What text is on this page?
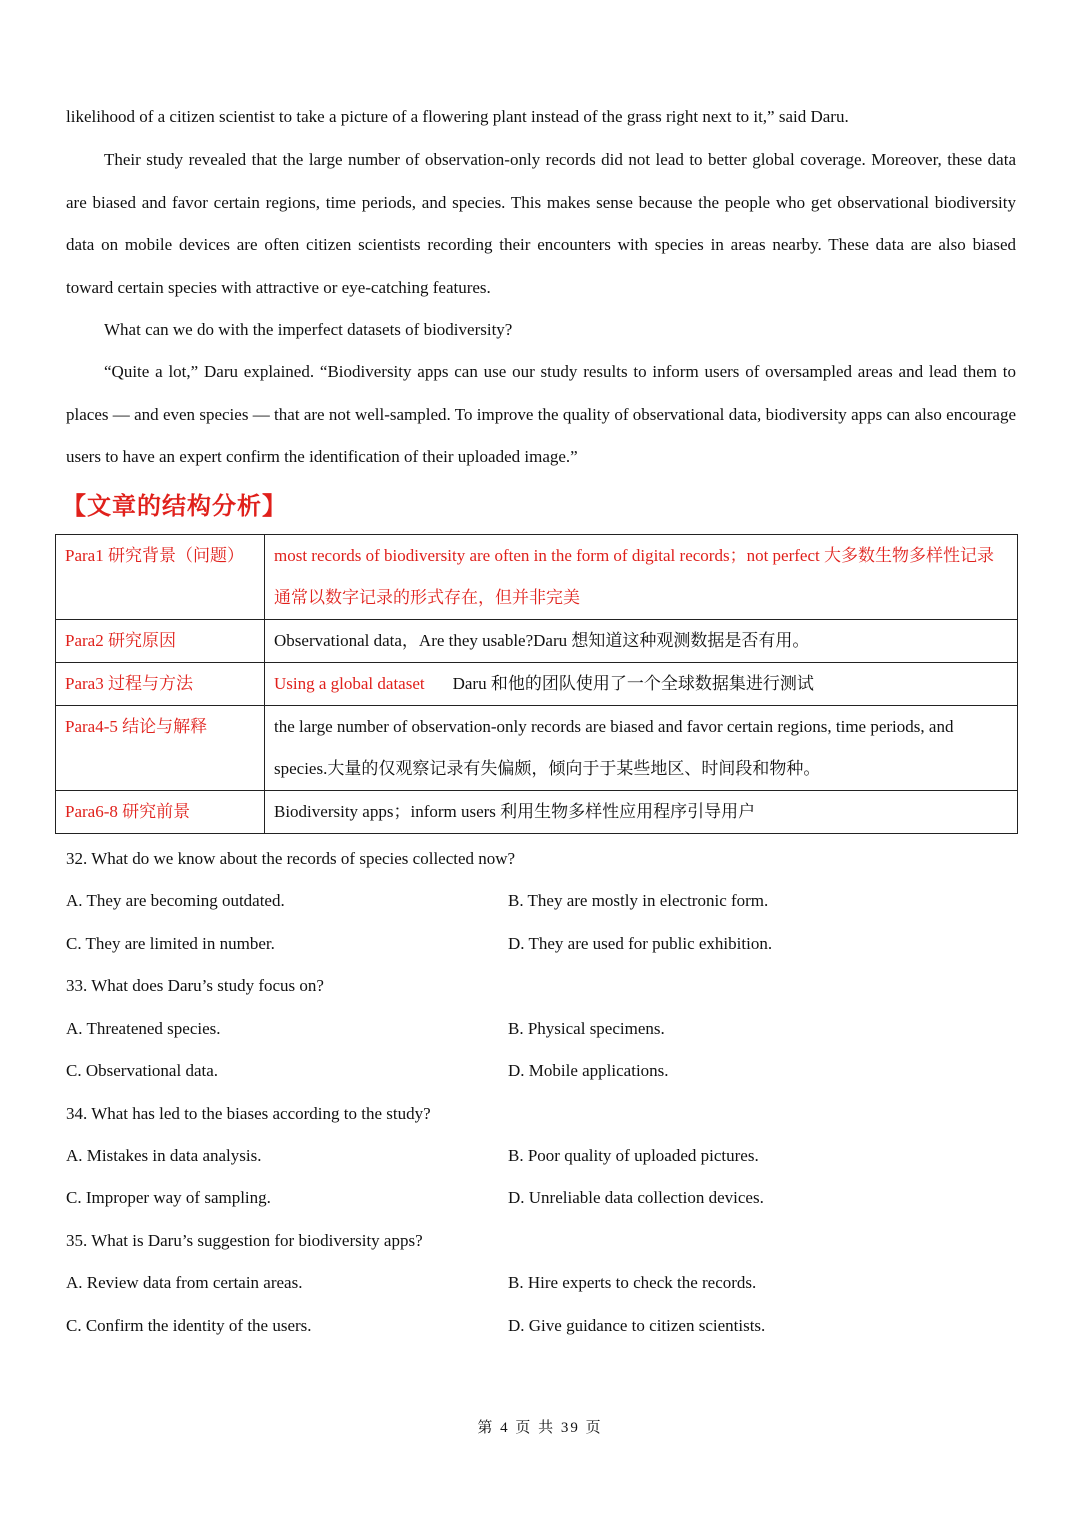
likelihood of a citizen scientist to take a picture of a flowering plant instead of the grass right next to it,” said Daru.

Their study revealed that the large number of observation-only records did not lead to better global coverage. Moreover, these data are biased and favor certain regions, time periods, and species. This makes sense because the people who get observational biodiversity data on mobile devices are often citizen scientists recording their encounters with species in areas nearby. These data are also biased toward certain species with attractive or eye-catching features.

What can we do with the imperfect datasets of biodiversity?

“Quite a lot,” Daru explained. “Biodiversity apps can use our study results to inform users of oversampled areas and lead them to places — and even species — that are not well-sampled. To improve the quality of observational data, biodiversity apps can also encourage users to have an expert confirm the identification of their uploaded image.”

【文章的结构分析】
Para1 研究背景（问题）	most records of biodiversity are often in the form of digital records；not perfect 大多数生物多样性记录通常以数字记录的形式存在，但并非完美
Para2 研究原因	Observational data，Are they usable?Daru 想知道这种观测数据是否有用。
Para3 过程与方法	Using a global dataset Daru 和他的团队使用了一个全球数据集进行测试
Para4-5 结论与解释	the large number of observation-only records are biased and favor certain regions, time periods, and species.大量的仅观察记录有失偏颇，倾向于于某些地区、时间段和物种。
Para6-8 研究前景	Biodiversity apps；inform users 利用生物多样性应用程序引导用户

32. What do we know about the records of species collected now?

A. They are becoming outdated.	B. They are mostly in electronic form.

C. They are limited in number.	D. They are used for public exhibition.

33. What does Daru’s study focus on?

A. Threatened species.	B. Physical specimens.

C. Observational data.	D. Mobile applications.

34. What has led to the biases according to the study?

A. Mistakes in data analysis.	B. Poor quality of uploaded pictures.

C. Improper way of sampling.	D. Unreliable data collection devices.

35. What is Daru’s suggestion for biodiversity apps?

A. Review data from certain areas.	B. Hire experts to check the records.

C. Confirm the identity of the users.	D. Give guidance to citizen scientists.

第 4 页 共 39 页
